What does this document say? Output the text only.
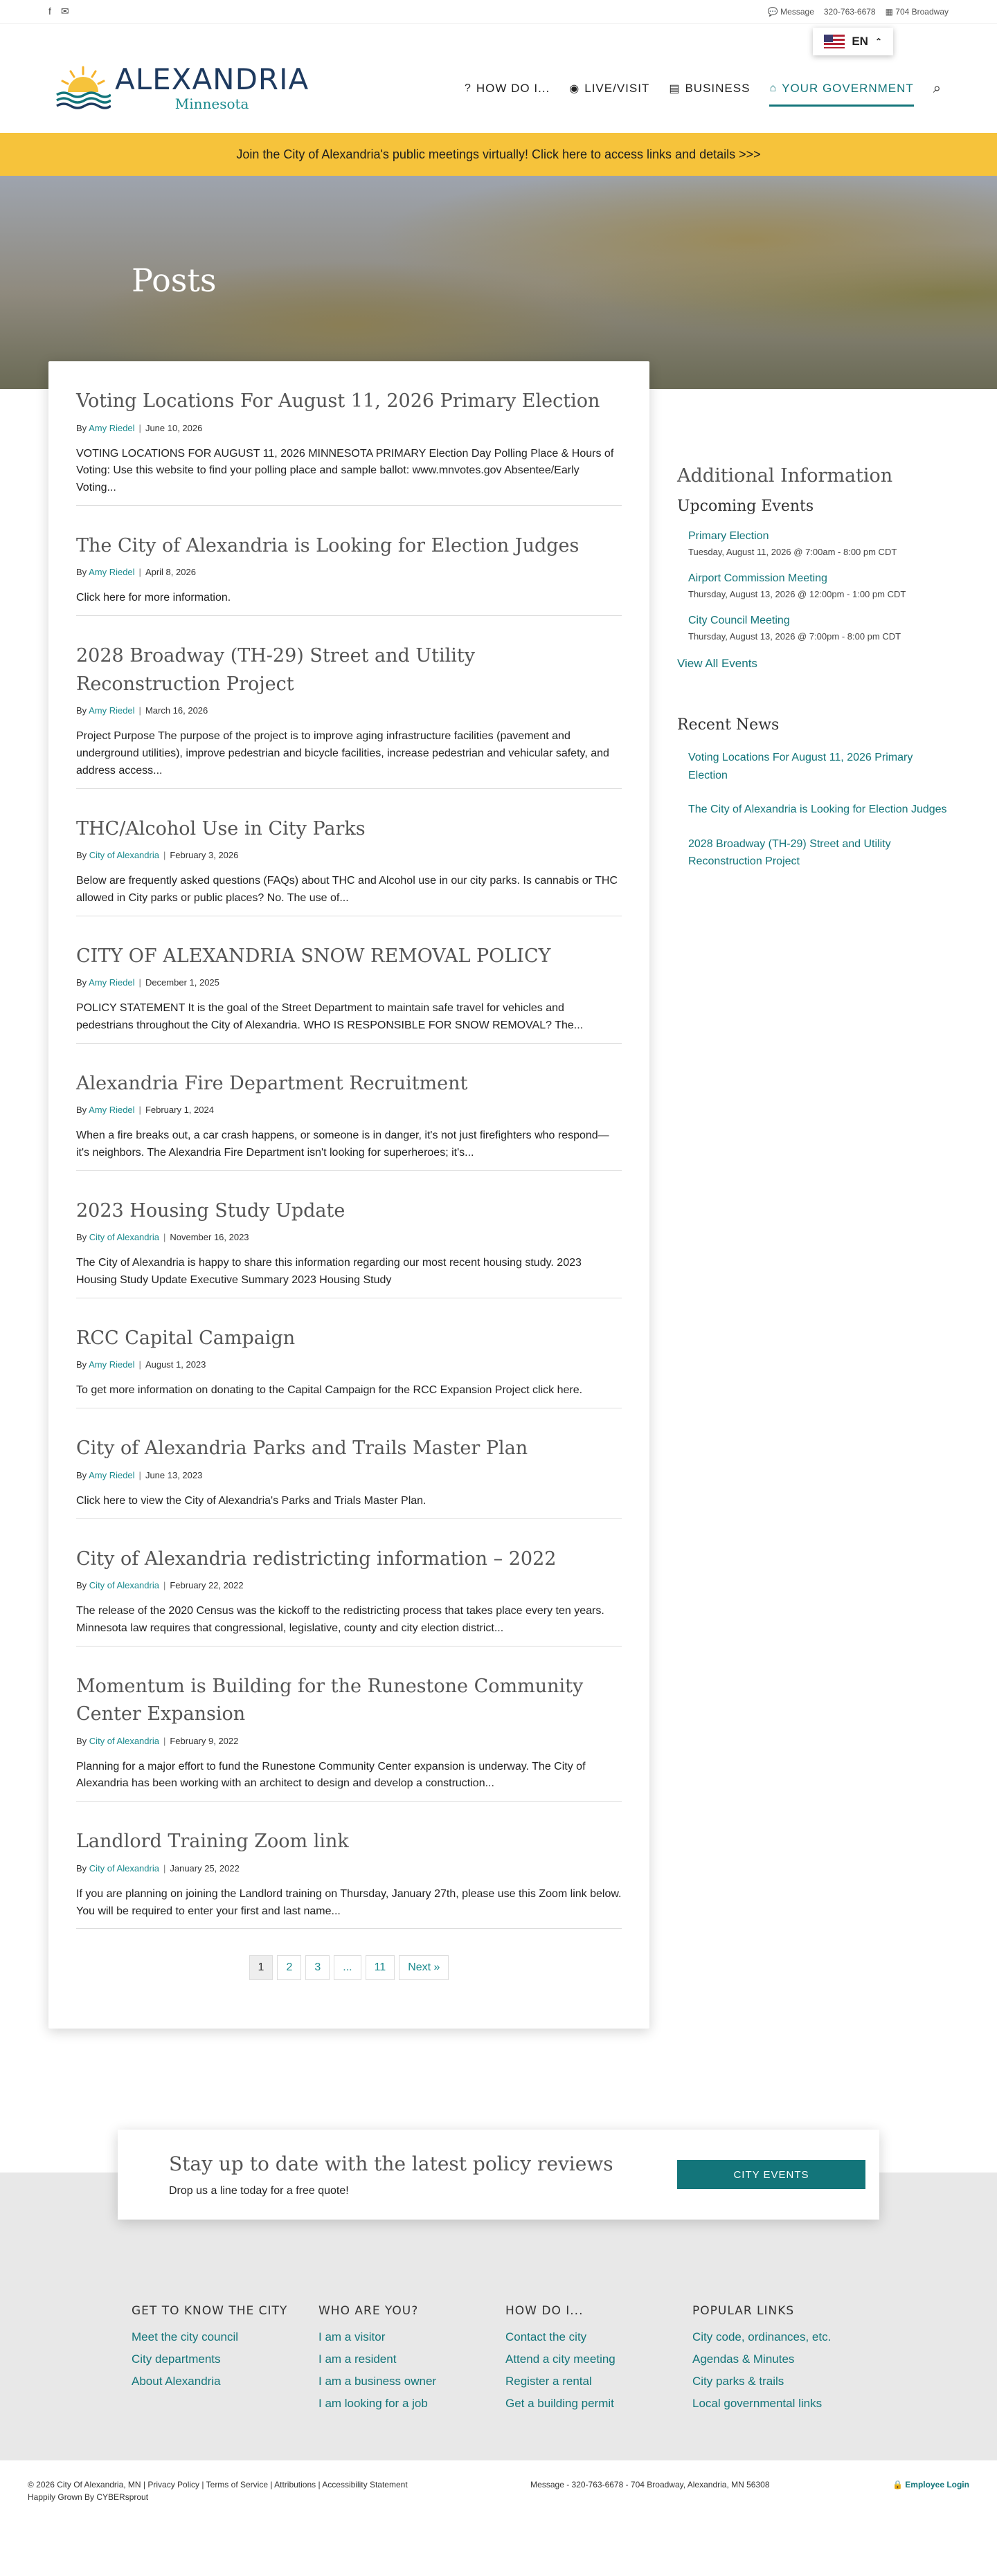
f ✉	💬 Message 320-763-6678 ▦ 704 Broadway
ALEXANDRIA
Minnesota
EN ⌃
? HOW DO I... ◉ LIVE/VISIT ▤ BUSINESS ⌂ YOUR GOVERNMENT ⌕
Join the City of Alexandria's public meetings virtually! Click here to access links and details >>>
Posts
Voting Locations For August 11, 2026 Primary Election
By Amy Riedel | June 10, 2026

VOTING LOCATIONS FOR AUGUST 11, 2026 MINNESOTA PRIMARY Election Day Polling Place & Hours of Voting: Use this website to find your polling place and sample ballot: www.mnvotes.gov Absentee/Early Voting...

The City of Alexandria is Looking for Election Judges
By Amy Riedel | April 8, 2026

Click here for more information.

2028 Broadway (TH-29) Street and Utility Reconstruction Project
By Amy Riedel | March 16, 2026

Project Purpose The purpose of the project is to improve aging infrastructure facilities (pavement and underground utilities), improve pedestrian and bicycle facilities, increase pedestrian and vehicular safety, and address access...

THC/Alcohol Use in City Parks
By City of Alexandria | February 3, 2026

Below are frequently asked questions (FAQs) about THC and Alcohol use in our city parks. Is cannabis or THC allowed in City parks or public places? No. The use of...

CITY OF ALEXANDRIA SNOW REMOVAL POLICY
By Amy Riedel | December 1, 2025

POLICY STATEMENT It is the goal of the Street Department to maintain safe travel for vehicles and pedestrians throughout the City of Alexandria. WHO IS RESPONSIBLE FOR SNOW REMOVAL? The...

Alexandria Fire Department Recruitment
By Amy Riedel | February 1, 2024

When a fire breaks out, a car crash happens, or someone is in danger, it's not just firefighters who respond—it's neighbors. The Alexandria Fire Department isn't looking for superheroes; it's...

2023 Housing Study Update
By City of Alexandria | November 16, 2023

The City of Alexandria is happy to share this information regarding our most recent housing study. 2023 Housing Study Update Executive Summary 2023 Housing Study

RCC Capital Campaign
By Amy Riedel | August 1, 2023

To get more information on donating to the Capital Campaign for the RCC Expansion Project click here.

City of Alexandria Parks and Trails Master Plan
By Amy Riedel | June 13, 2023

Click here to view the City of Alexandria's Parks and Trials Master Plan.

City of Alexandria redistricting information – 2022
By City of Alexandria | February 22, 2022

The release of the 2020 Census was the kickoff to the redistricting process that takes place every ten years. Minnesota law requires that congressional, legislative, county and city election district...

Momentum is Building for the Runestone Community Center Expansion
By City of Alexandria | February 9, 2022

Planning for a major effort to fund the Runestone Community Center expansion is underway. The City of Alexandria has been working with an architect to design and develop a construction...

Landlord Training Zoom link
By City of Alexandria | January 25, 2022

If you are planning on joining the Landlord training on Thursday, January 27th, please use this Zoom link below. You will be required to enter your first and last name...

1	2	3	...	11	Next »
Additional Information
Upcoming Events
Primary Election
Tuesday, August 11, 2026 @ 7:00am - 8:00 pm CDT
Airport Commission Meeting
Thursday, August 13, 2026 @ 12:00pm - 1:00 pm CDT
City Council Meeting
Thursday, August 13, 2026 @ 7:00pm - 8:00 pm CDT
View All Events
Recent News
Voting Locations For August 11, 2026 Primary Election
The City of Alexandria is Looking for Election Judges
2028 Broadway (TH-29) Street and Utility Reconstruction Project
Stay up to date with the latest policy reviews
Drop us a line today for a free quote!
CITY EVENTS
GET TO KNOW THE CITY
Meet the city council
City departments
About Alexandria
WHO ARE YOU?
I am a visitor
I am a resident
I am a business owner
I am looking for a job
HOW DO I...
Contact the city
Attend a city meeting
Register a rental
Get a building permit
POPULAR LINKS
City code, ordinances, etc.
Agendas & Minutes
City parks & trails
Local governmental links
© 2026 City Of Alexandria, MN | Privacy Policy | Terms of Service | Attributions | Accessibility Statement
Happily Grown By CYBERsprout
Message - 320-763-6678 - 704 Broadway, Alexandria, MN 56308	🔒 Employee Login
